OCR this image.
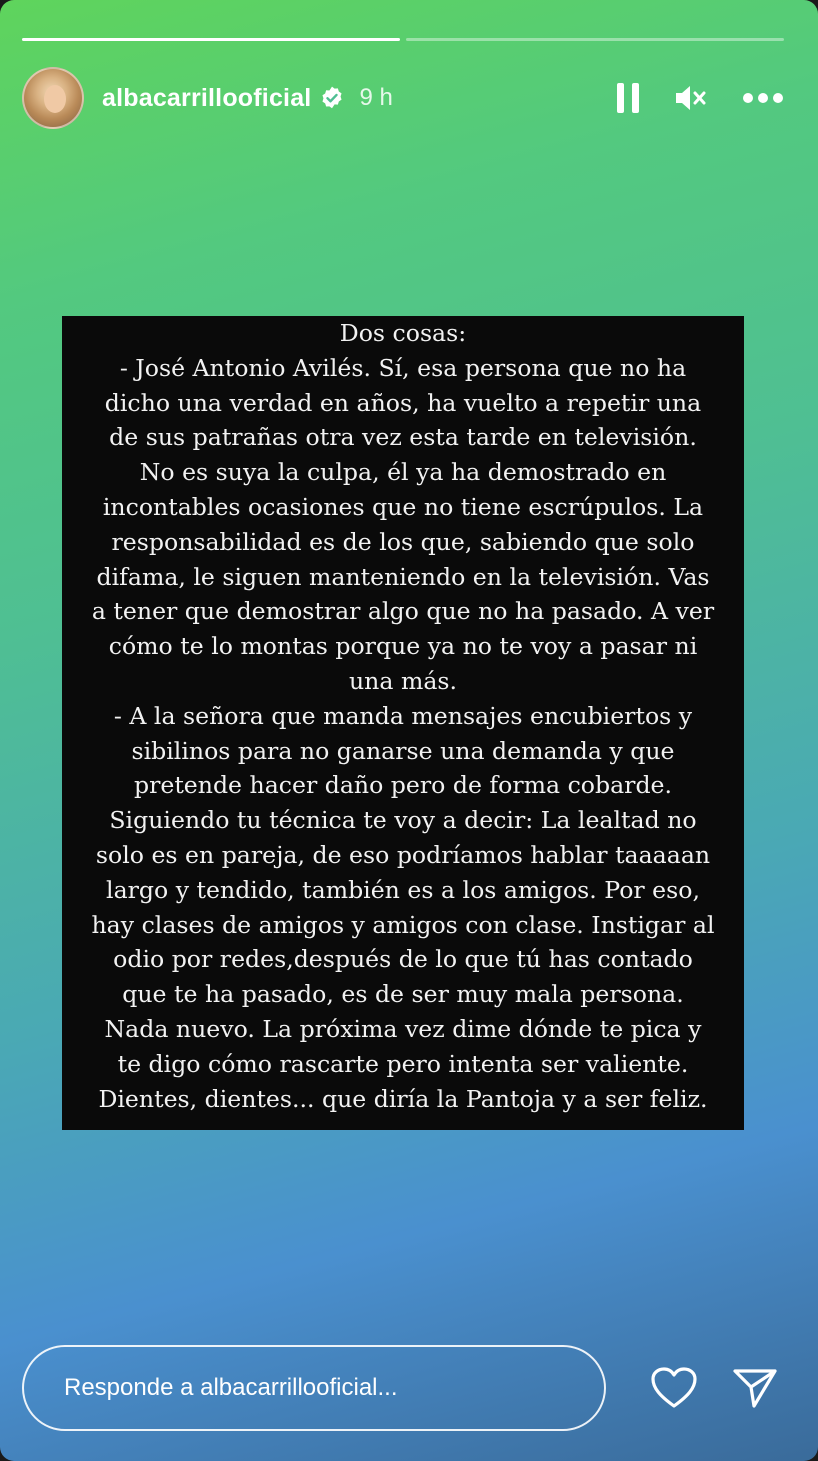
albacarrillooficial 9 h
Dos cosas:
- José Antonio Avilés. Sí, esa persona que no ha
dicho una verdad en años, ha vuelto a repetir una
de sus patrañas otra vez esta tarde en televisión.
No es suya la culpa, él ya ha demostrado en
incontables ocasiones que no tiene escrúpulos. La
responsabilidad es de los que, sabiendo que solo
difama, le siguen manteniendo en la televisión. Vas
a tener que demostrar algo que no ha pasado. A ver
cómo te lo montas porque ya no te voy a pasar ni
una más.
- A la señora que manda mensajes encubiertos y
sibilinos para no ganarse una demanda y que
pretende hacer daño pero de forma cobarde.
Siguiendo tu técnica te voy a decir: La lealtad no
solo es en pareja, de eso podríamos hablar taaaaan
largo y tendido, también es a los amigos. Por eso,
hay clases de amigos y amigos con clase. Instigar al
odio por redes,después de lo que tú has contado
que te ha pasado, es de ser muy mala persona.
Nada nuevo. La próxima vez dime dónde te pica y
te digo cómo rascarte pero intenta ser valiente.
Dientes, dientes... que diría la Pantoja y a ser feliz.
Responde a albacarrillooficial...
